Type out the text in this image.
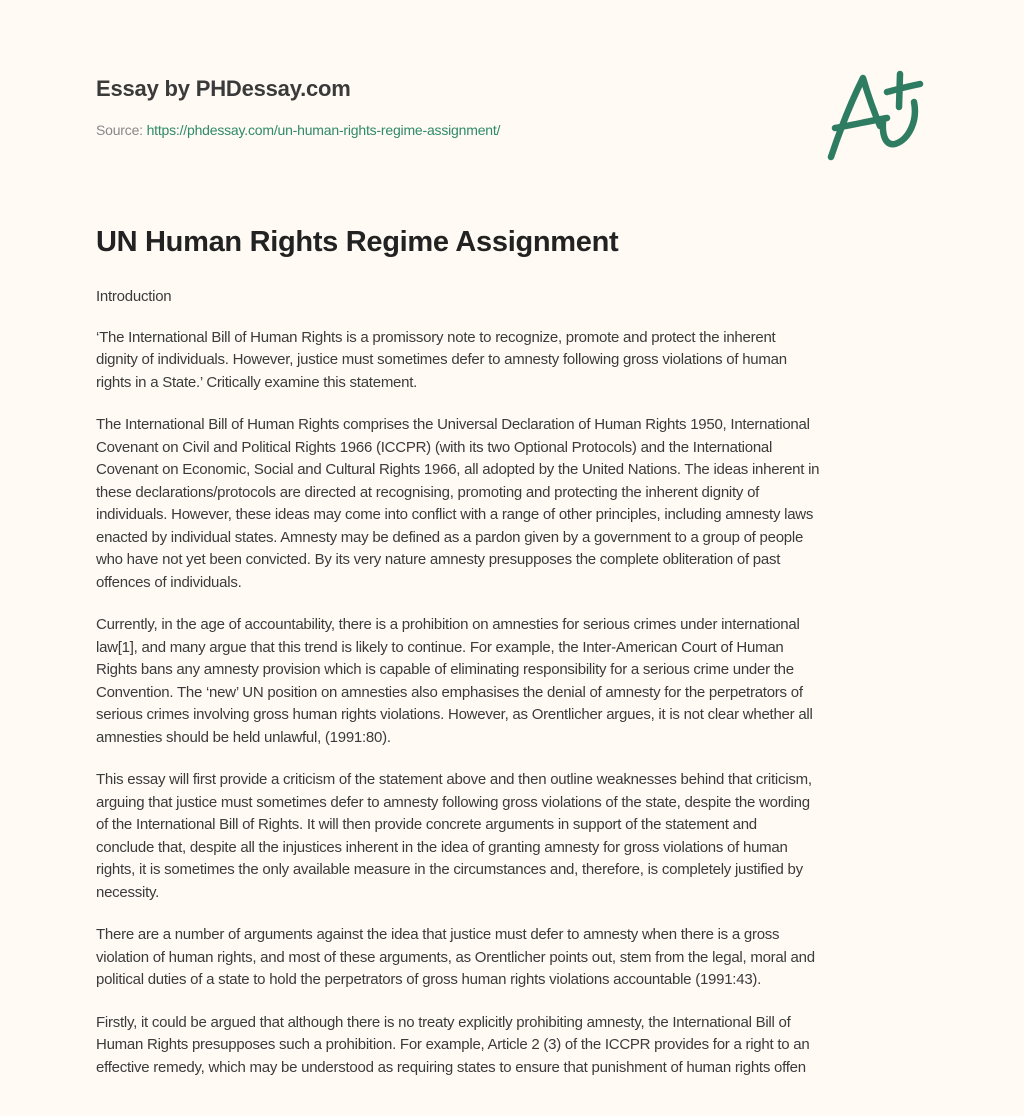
Essay by PHDessay.com
Source: https://phdessay.com/un-human-rights-regime-assignment/
UN Human Rights Regime Assignment
Introduction

‘The International Bill of Human Rights is a promissory note to recognize, promote and protect the inherent
dignity of individuals. However, justice must sometimes defer to amnesty following gross violations of human
rights in a State.’ Critically examine this statement.

The International Bill of Human Rights comprises the Universal Declaration of Human Rights 1950, International
Covenant on Civil and Political Rights 1966 (ICCPR) (with its two Optional Protocols) and the International
Covenant on Economic, Social and Cultural Rights 1966, all adopted by the United Nations. The ideas inherent in
these declarations/protocols are directed at recognising, promoting and protecting the inherent dignity of
individuals. However, these ideas may come into conflict with a range of other principles, including amnesty laws
enacted by individual states. Amnesty may be defined as a pardon given by a government to a group of people
who have not yet been convicted. By its very nature amnesty presupposes the complete obliteration of past
offences of individuals.

Currently, in the age of accountability, there is a prohibition on amnesties for serious crimes under international
law[1], and many argue that this trend is likely to continue. For example, the Inter-American Court of Human
Rights bans any amnesty provision which is capable of eliminating responsibility for a serious crime under the
Convention. The ‘new’ UN position on amnesties also emphasises the denial of amnesty for the perpetrators of
serious crimes involving gross human rights violations. However, as Orentlicher argues, it is not clear whether all
amnesties should be held unlawful, (1991:80).

This essay will first provide a criticism of the statement above and then outline weaknesses behind that criticism,
arguing that justice must sometimes defer to amnesty following gross violations of the state, despite the wording
of the International Bill of Rights. It will then provide concrete arguments in support of the statement and
conclude that, despite all the injustices inherent in the idea of granting amnesty for gross violations of human
rights, it is sometimes the only available measure in the circumstances and, therefore, is completely justified by
necessity.

There are a number of arguments against the idea that justice must defer to amnesty when there is a gross
violation of human rights, and most of these arguments, as Orentlicher points out, stem from the legal, moral and
political duties of a state to hold the perpetrators of gross human rights violations accountable (1991:43).

Firstly, it could be argued that although there is no treaty explicitly prohibiting amnesty, the International Bill of
Human Rights presupposes such a prohibition. For example, Article 2 (3) of the ICCPR provides for a right to an
effective remedy, which may be understood as requiring states to ensure that punishment of human rights offen
